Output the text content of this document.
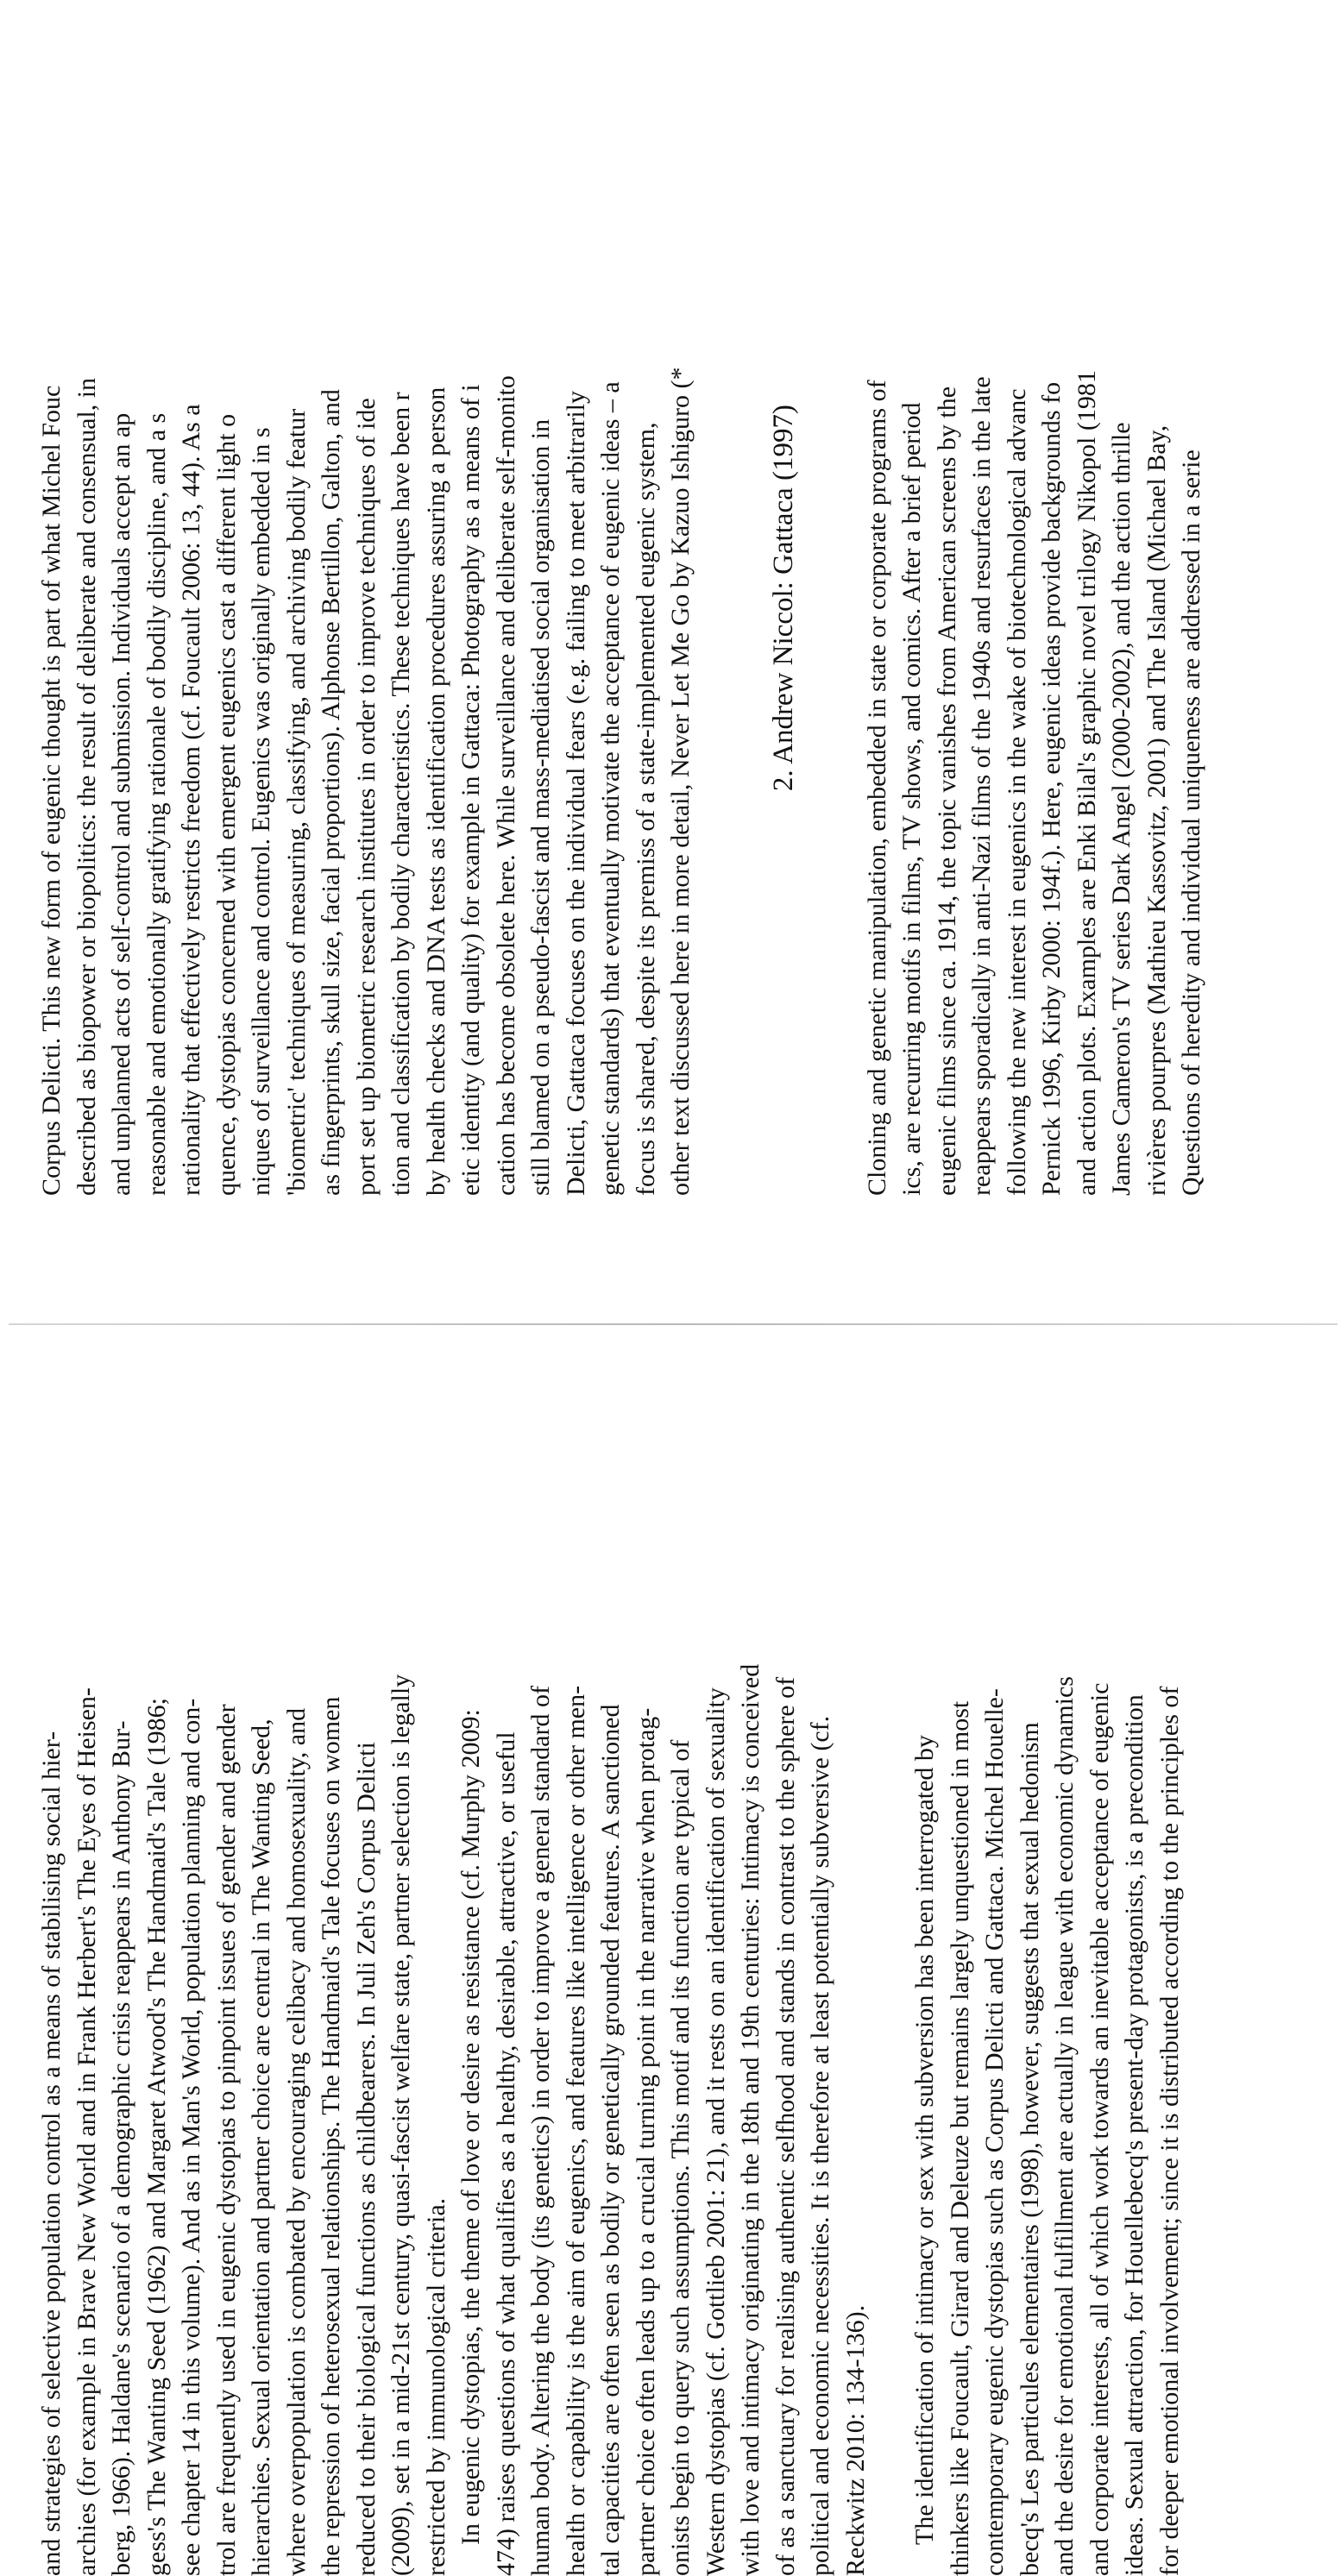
and strategies of selective population control as a means of stabilising social hier-
archies (for example in Brave New World and in Frank Herbert's The Eyes of Heisen-
berg, 1966). Haldane's scenario of a demographic crisis reappears in Anthony Bur-
gess's The Wanting Seed (1962) and Margaret Atwood's The Handmaid's Tale (1986;
see chapter 14 in this volume). And as in Man's World, population planning and con-
trol are frequently used in eugenic dystopias to pinpoint issues of gender and gender
hierarchies. Sexual orientation and partner choice are central in The Wanting Seed,
where overpopulation is combated by encouraging celibacy and homosexuality, and
the repression of heterosexual relationships. The Handmaid's Tale focuses on women
reduced to their biological functions as childbearers. In Juli Zeh's Corpus Delicti
(2009), set in a mid-21st century, quasi-fascist welfare state, partner selection is legally
restricted by immunological criteria.

In eugenic dystopias, the theme of love or desire as resistance (cf. Murphy 2009:
474) raises questions of what qualifies as a healthy, desirable, attractive, or useful
human body. Altering the body (its genetics) in order to improve a general standard of
health or capability is the aim of eugenics, and features like intelligence or other men-
tal capacities are often seen as bodily or genetically grounded features. A sanctioned
partner choice often leads up to a crucial turning point in the narrative when protag-
onists begin to query such assumptions. This motif and its function are typical of
Western dystopias (cf. Gottlieb 2001: 21), and it rests on an identification of sexuality
with love and intimacy originating in the 18th and 19th centuries: Intimacy is conceived
of as a sanctuary for realising authentic selfhood and stands in contrast to the sphere of
political and economic necessities. It is therefore at least potentially subversive (cf.
Reckwitz 2010: 134-136).

The identification of intimacy or sex with subversion has been interrogated by
thinkers like Foucault, Girard and Deleuze but remains largely unquestioned in most
contemporary eugenic dystopias such as Corpus Delicti and Gattaca. Michel Houelle-
becq's Les particules elementaires (1998), however, suggests that sexual hedonism
and the desire for emotional fulfillment are actually in league with economic dynamics
and corporate interests, all of which work towards an inevitable acceptance of eugenic
ideas. Sexual attraction, for Houellebecq's present-day protagonists, is a precondition
for deeper emotional involvement; since it is distributed according to the principles of

Corpus Delicti. This new form of eugenic thought is part of what Michel Fouc
described as biopower or biopolitics: the result of deliberate and consensual, in
and unplanned acts of self-control and submission. Individuals accept an ap
reasonable and emotionally gratifying rationale of bodily discipline, and a s
rationality that effectively restricts freedom (cf. Foucault 2006: 13, 44). As a
quence, dystopias concerned with emergent eugenics cast a different light o
niques of surveillance and control. Eugenics was originally embedded in s
'biometric' techniques of measuring, classifying, and archiving bodily featur
as fingerprints, skull size, facial proportions). Alphonse Bertillon, Galton, and
port set up biometric research institutes in order to improve techniques of ide
tion and classification by bodily characteristics. These techniques have been r
by health checks and DNA tests as identification procedures assuring a person
etic identity (and quality) for example in Gattaca: Photography as a means of i
cation has become obsolete here. While surveillance and deliberate self-monito
still blamed on a pseudo-fascist and mass-mediatised social organisation in
Delicti, Gattaca focuses on the individual fears (e.g. failing to meet arbitrarily
genetic standards) that eventually motivate the acceptance of eugenic ideas – a
focus is shared, despite its premiss of a state-implemented eugenic system,
other text discussed here in more detail, Never Let Me Go by Kazuo Ishiguro (*

2. Andrew Niccol: Gattaca (1997)

Cloning and genetic manipulation, embedded in state or corporate programs of
ics, are recurring motifs in films, TV shows, and comics. After a brief period
eugenic films since ca. 1914, the topic vanishes from American screens by the
reappears sporadically in anti-Nazi films of the 1940s and resurfaces in the late
following the new interest in eugenics in the wake of biotechnological advanc
Pernick 1996, Kirby 2000: 194f.). Here, eugenic ideas provide backgrounds fo
and action plots. Examples are Enki Bilal's graphic novel trilogy Nikopol (1981
James Cameron's TV series Dark Angel (2000-2002), and the action thrille
rivières pourpres (Mathieu Kassovitz, 2001) and The Island (Michael Bay,
Questions of heredity and individual uniqueness are addressed in a serie
